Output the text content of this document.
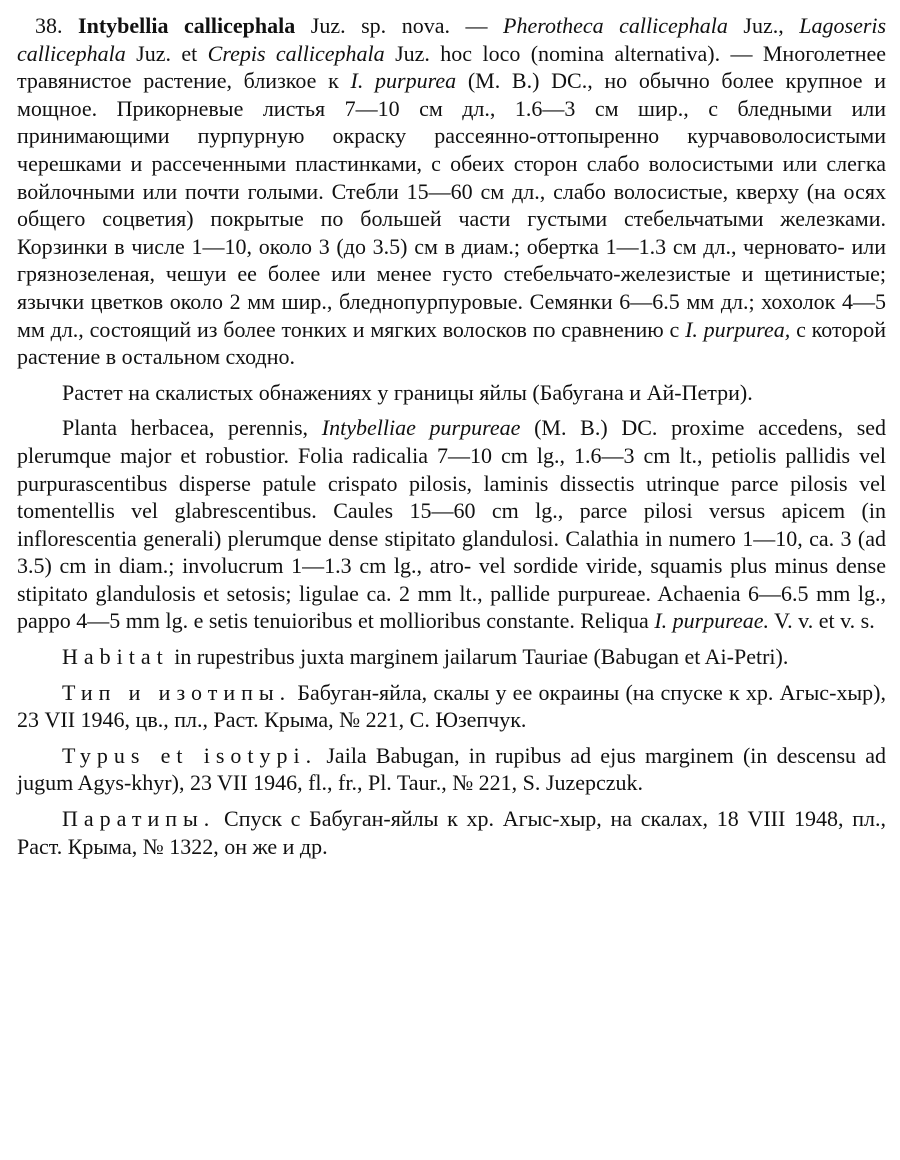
38. Intybellia callicephala Juz. sp. nova. — Pherotheca callicephala Juz., Lagoseris callicephala Juz. et Crepis callicephala Juz. hoc loco (nomina alternativa). — Многолетнее травянистое растение, близкое к I. purpurea (M. B.) DC., но обычно более крупное и мощное. Прикорневые листья 7—10 см дл., 1.6—3 см шир., с бледными или принимающими пурпурную окраску рассеянно-оттопыренно курчавоволосистыми черешками и рассеченными пластинками, с обеих сторон слабо волосистыми или слегка войлочными или почти голыми. Стебли 15—60 см дл., слабо волосистые, кверху (на осях общего соцветия) покрытые по большей части густыми стебельчатыми железками. Корзинки в числе 1—10, около 3 (до 3.5) см в диам.; обертка 1—1.3 см дл., черновато- или грязнозеленая, чешуи ее более или менее густо стебельчато-железистые и щетинистые; язычки цветков около 2 мм шир., бледнопурпуровые. Семянки 6—6.5 мм дл.; хохолок 4—5 мм дл., состоящий из более тонких и мягких волосков по сравнению с I. purpurea, с которой растение в остальном сходно.

Растет на скалистых обнажениях у границы яйлы (Бабугана и Ай-Петри).

Planta herbacea, perennis, Intybelliae purpureae (M. B.) DC. proxime accedens, sed plerumque major et robustior. Folia radicalia 7—10 cm lg., 1.6—3 cm lt., petiolis pallidis vel purpurascentibus disperse patule crispato pilosis, laminis dissectis utrinque parce pilosis vel tomentellis vel glabrescentibus. Caules 15—60 cm lg., parce pilosi versus apicem (in inflorescentia generali) plerumque dense stipitato glandulosi. Calathia in numero 1—10, ca. 3 (ad 3.5) cm in diam.; involucrum 1—1.3 cm lg., atro- vel sordide viride, squamis plus minus dense stipitato glandulosis et setosis; ligulae ca. 2 mm lt., pallide purpureae. Achaenia 6—6.5 mm lg., pappo 4—5 mm lg. e setis tenuioribus et mollioribus constante. Reliqua I. purpureae. V. v. et v. s.

Habitat in rupestribus juxta marginem jailarum Tauriae (Babugan et Ai-Petri).

Тип и изотипы. Бабуган-яйла, скалы у ее окраины (на спуске к хр. Агыс-хыр), 23 VII 1946, цв., пл., Раст. Крыма, № 221, С. Юзепчук.

Typus et isotypi. Jaila Babugan, in rupibus ad ejus marginem (in descensu ad jugum Agys-khyr), 23 VII 1946, fl., fr., Pl. Taur., № 221, S. Juzepczuk.

Паратипы. Спуск с Бабуган-яйлы к хр. Агыс-хыр, на скалах, 18 VIII 1948, пл., Раст. Крыма, № 1322, он же и др.
